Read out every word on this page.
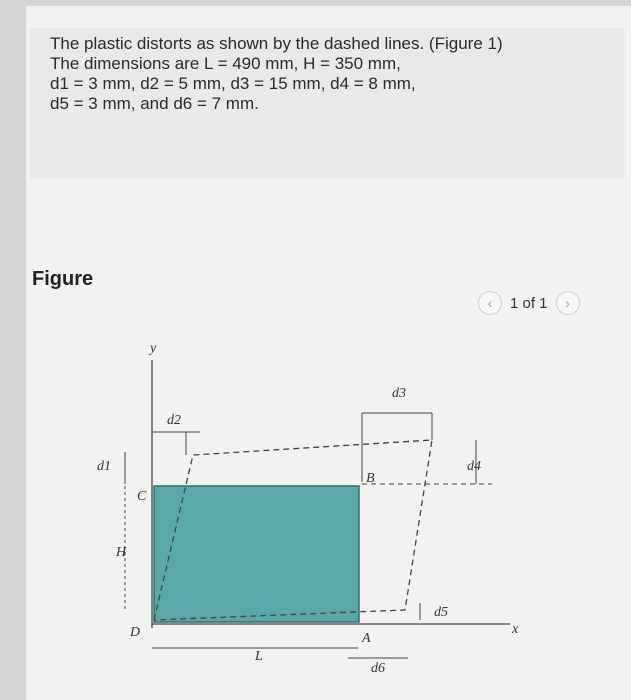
The plastic distorts as shown by the dashed lines. (Figure 1)
The dimensions are L = 490 mm, H = 350 mm,
d1 = 3 mm, d2 = 5 mm, d3 = 15 mm, d4 = 8 mm,
d5 = 3 mm, and d6 = 7 mm.
Figure
‹	1 of 1	›
y
x
d1
d2
d3
d4
d5
d6
A
B
C
D
H
L
